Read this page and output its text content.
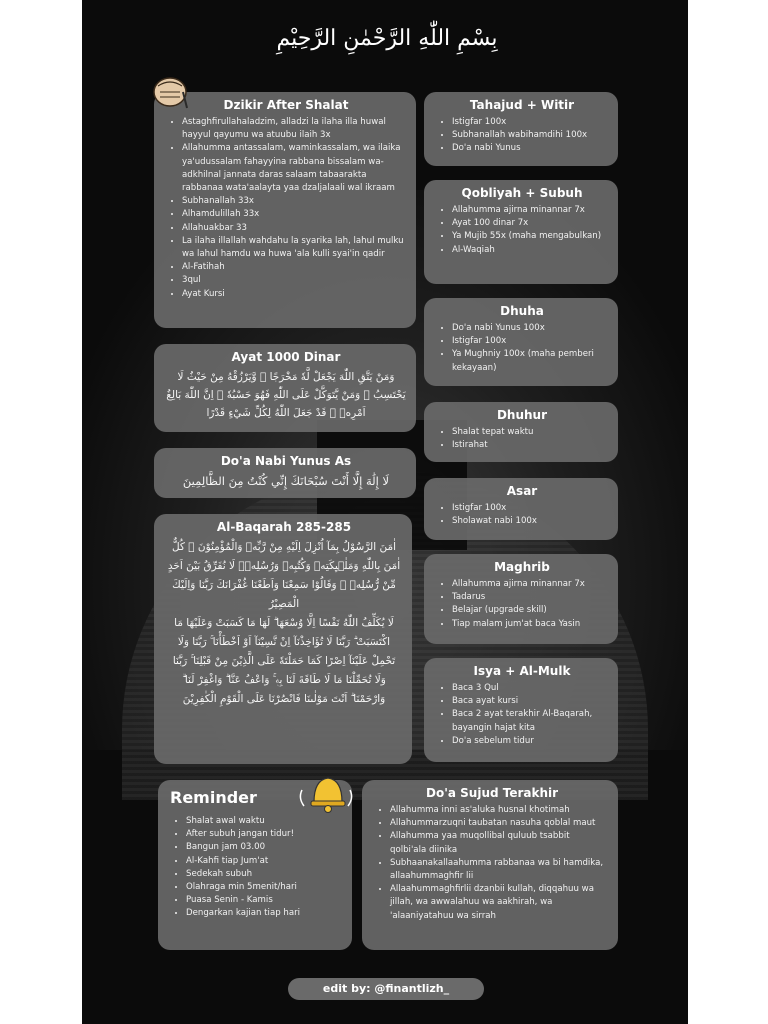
بِسْمِ اللّٰهِ الرَّحْمٰنِ الرَّحِيْمِ
Dzikir After Shalat
• Astaghfirullahaladzim, alladzi la ilaha illa huwal hayyul qayumu wa atuubu ilaih 3x
• Allahumma antassalam, waminkassalam, wa ilaika ya'udussalam fahayyina rabbana bissalam wa-adkhilnal jannata daras salaam tabaarakta rabbanaa wata'aalayta yaa dzaljalaali wal ikraam
• Subhanallah 33x
• Alhamdulillah 33x
• Allahuakbar 33
• La ilaha illallah wahdahu la syarika lah, lahul mulku wa lahul hamdu wa huwa 'ala kulli syai'in qadir
• Al-Fatihah
• 3qul
• Ayat Kursi
Ayat 1000 Dinar

وَمَنْ يَتَّقِ اللّٰهَ يَجْعَلْ لَّهٗ مَخْرَجًا ۙ وَّيَرْزُقْهُ مِنْ حَيْثُ لَا يَحْتَسِبُ ۗ وَمَنْ يَّتَوَكَّلْ عَلَى اللّٰهِ فَهُوَ حَسْبُهٗ ۗ اِنَّ اللّٰهَ بَالِغُ اَمْرِهٖ ۗ قَدْ جَعَلَ اللّٰهُ لِكُلِّ شَيْءٍ قَدْرًا

Do'a Nabi Yunus As

لَا إِلَٰهَ إِلَّا أَنْتَ سُبْحَانَكَ إِنِّي كُنْتُ مِنَ الظَّالِمِينَ

Al-Baqarah 285-285

اٰمَنَ الرَّسُوْلُ بِمَآ اُنْزِلَ اِلَيْهِ مِنْ رَّبِّهٖ وَالْمُؤْمِنُوْنَ ۗ كُلٌّ اٰمَنَ بِاللّٰهِ وَمَلٰۤىِٕكَتِهٖ وَكُتُبِهٖ وَرُسُلِهٖۗ لَا نُفَرِّقُ بَيْنَ اَحَدٍ مِّنْ رُّسُلِهٖ ۗ وَقَالُوْا سَمِعْنَا وَاَطَعْنَا غُفْرَانَكَ رَبَّنَا وَاِلَيْكَ الْمَصِيْرُ

لَا يُكَلِّفُ اللّٰهُ نَفْسًا اِلَّا وُسْعَهَا ۗ لَهَا مَا كَسَبَتْ وَعَلَيْهَا مَا اكْتَسَبَتْ ۗ رَبَّنَا لَا تُؤَاخِذْنَآ اِنْ نَّسِيْنَآ اَوْ اَخْطَأْنَا ۚ رَبَّنَا وَلَا تَحْمِلْ عَلَيْنَآ اِصْرًا كَمَا حَمَلْتَهٗ عَلَى الَّذِيْنَ مِنْ قَبْلِنَا ۚ رَبَّنَا وَلَا تُحَمِّلْنَا مَا لَا طَاقَةَ لَنَا بِهٖ ۚ وَاعْفُ عَنَّا ۗ وَاغْفِرْ لَنَا ۗ وَارْحَمْنَا ۗ اَنْتَ مَوْلٰىنَا فَانْصُرْنَا عَلَى الْقَوْمِ الْكٰفِرِيْنَ

Tahajud + Witir
• Istigfar 100x
• Subhanallah wabihamdihi 100x
• Do'a nabi Yunus
Qobliyah + Subuh
• Allahumma ajirna minannar 7x
• Ayat 100 dinar 7x
• Ya Mujib 55x (maha mengabulkan)
• Al-Waqiah
Dhuha
• Do'a nabi Yunus 100x
• Istigfar 100x
• Ya Mughniy 100x (maha pemberi kekayaan)
Dhuhur
• Shalat tepat waktu
• Istirahat
Asar
• Istigfar 100x
• Sholawat nabi 100x
Maghrib
• Allahumma ajirna minannar 7x
• Tadarus
• Belajar (upgrade skill)
• Tiap malam jum'at baca Yasin
Isya + Al-Mulk
• Baca 3 Qul
• Baca ayat kursi
• Baca 2 ayat terakhir Al-Baqarah, bayangin hajat kita
• Do'a sebelum tidur
Reminder
• Shalat awal waktu
• After subuh jangan tidur!
• Bangun jam 03.00
• Al-Kahfi tiap Jum'at
• Sedekah subuh
• Olahraga min 5menit/hari
• Puasa Senin - Kamis
• Dengarkan kajian tiap hari
Do'a Sujud Terakhir
• Allahumma inni as'aluka husnal khotimah
• Allahummarzuqni taubatan nasuha qoblal maut
• Allahumma yaa muqollibal quluub tsabbit qolbi'ala diinika
• Subhaanakallaahumma rabbanaa wa bi hamdika, allaahummaghfir lii
• Allaahummaghfirlii dzanbii kullah, diqqahuu wa jillah, wa awwalahuu wa aakhirah, wa 'alaaniyatahuu wa sirrah
edit by: @finantlizh_
